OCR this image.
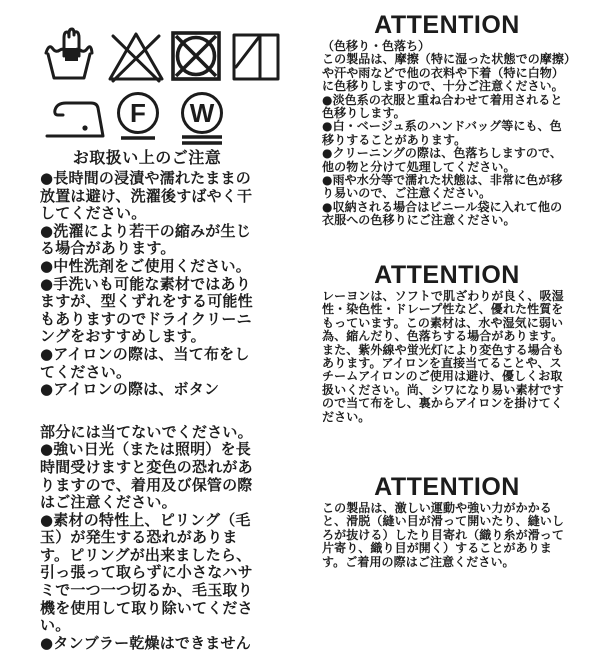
F W
お取扱い上のご注意
●長時間の浸漬や濡れたままの放置は避け、洗濯後すばやく干してください。
●洗濯により若干の縮みが生じる場合があります。
●中性洗剤をご使用ください。
●手洗いも可能な素材ではありますが、型くずれをする可能性もありますのでドライクリーニングをおすすめします。
●アイロンの際は、当て布をしてください。
●アイロンの際は、ボタン
部分には当てないでください。
●強い日光（または照明）を長時間受けますと変色の恐れがありますので、着用及び保管の際はご注意ください。
●素材の特性上、ピリング（毛玉）が発生する恐れがあります。ピリングが出来ましたら、引っ張って取らずに小さなハサミで一つ一つ切るか、毛玉取り機を使用して取り除いてください。
●タンブラー乾燥はできません
ATTENTION
（色移り・色落ち）
この製品は、摩擦（特に湿った状態での摩擦）や汗や雨などで他の衣料や下着（特に白物）に色移りしますので、十分ご注意ください。
●淡色系の衣服と重ね合わせて着用されると色移りします。
●白・ベージュ系のハンドバッグ等にも、色移りすることがあります。
●クリーニングの際は、色落ちしますので、他の物と分けて処理してください。
●雨や水分等で濡れた状態は、非常に色が移り易いので、ご注意ください。
●収納される場合はビニール袋に入れて他の衣服への色移りにご注意ください。
ATTENTION
レーヨンは、ソフトで肌ざわりが良く、吸湿性・染色性・ドレープ性など、優れた性質をもっています。この素材は、水や湿気に弱い為、縮んだり、色落ちする場合があります。また、紫外線や蛍光灯により変色する場合もあります。アイロンを直接当てることや、スチームアイロンのご使用は避け、優しくお取扱いください。尚、シワになり易い素材ですので当て布をし、裏からアイロンを掛けてください。
ATTENTION
この製品は、激しい運動や強い力がかかると、滑脱（縫い目が滑って開いたり、縫いしろが抜ける）したり目寄れ（織り糸が滑って片寄り、織り目が開く）することがあります。ご着用の際はご注意ください。
